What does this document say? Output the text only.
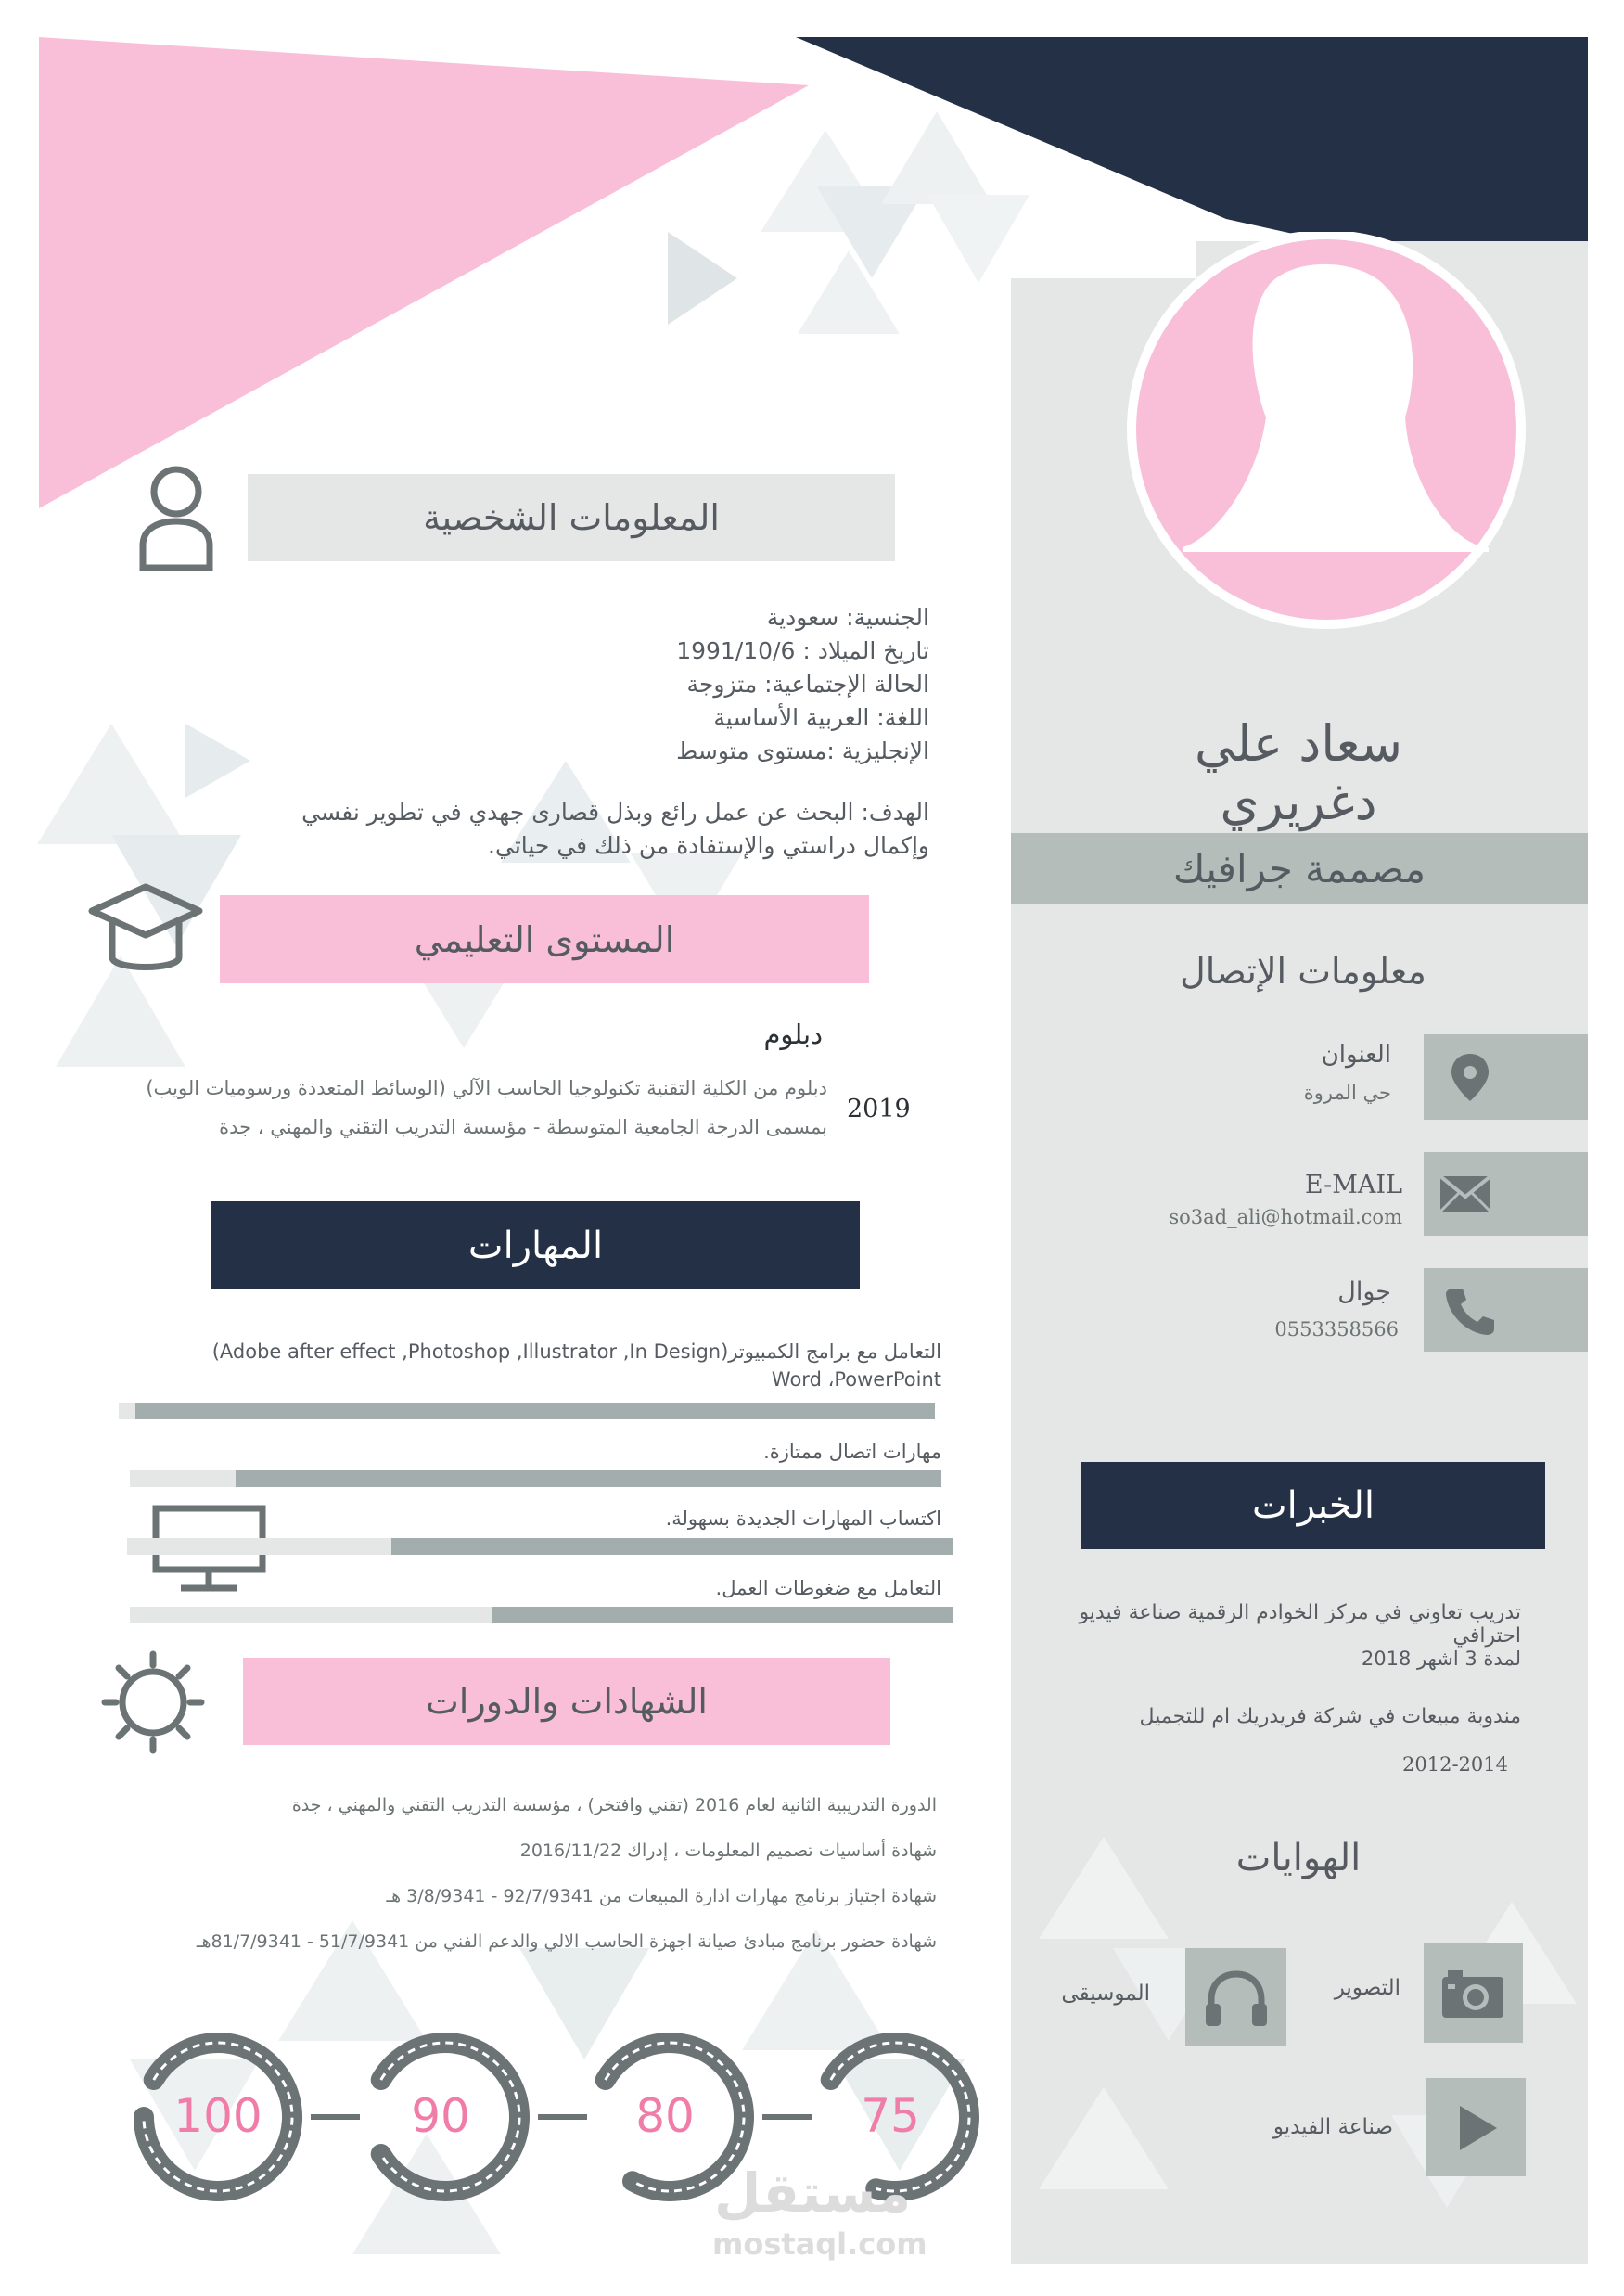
سعاد علي دغريري
مصممة جرافيك
معلومات الإتصال
العنوان
حي المروة
E-MAIL
so3ad_ali@hotmail.com
جوال
0553358566
الخبرات
تدريب تعاوني في مركز الخوادم الرقمية صناعة فيديو احترافي
لمدة 3 اشهر 2018
مندوبة مبيعات في شركة فريدريك ام للتجميل
2012-2014
الهوايات
التصوير
الموسيقى
صناعة الفيديو
المعلومات الشخصية
الجنسية: سعودية
تاريخ الميلاد : 1991/10/6
الحالة الإجتماعية: متزوجة
اللغة: العربية الأساسية
الإنجليزية :مستوى متوسط
الهدف: البحث عن عمل رائع وبذل قصارى جهدي في تطوير نفسي
وإكمال دراستي والإستفادة من ذلك في حياتي.
المستوى التعليمي
دبلوم
دبلوم من الكلية التقنية تكنولوجيا الحاسب الآلي (الوسائط المتعددة ورسوميات الويب)
بمسمى الدرجة الجامعية المتوسطة - مؤسسة التدريب التقني والمهني ، جدة
2019
المهارات
التعامل مع برامج الكمبيوتر(Adobe after effect ,Photoshop ,Illustrator ,In Design)
Word ،PowerPoint
مهارات اتصال ممتازة.
اكتساب المهارات الجديدة بسهولة.
التعامل مع ضغوطات العمل.
الشهادات والدورات
الدورة التدريبية الثانية لعام 2016 (تقني وافتخر) ، مؤسسة التدريب التقني والمهني ، جدة
شهادة أساسيات تصميم المعلومات ، إدراك 2016/11/22
شهادة اجتياز برنامج مهارات ادارة المبيعات من 92/7/9341 - 3/8/9341 هـ
شهادة حضور برنامج مبادئ صيانة اجهزة الحاسب الالي والدعم الفني من 51/7/9341 - 81/7/9341هـ
100	90	80	75
مستقل
mostaql.com
